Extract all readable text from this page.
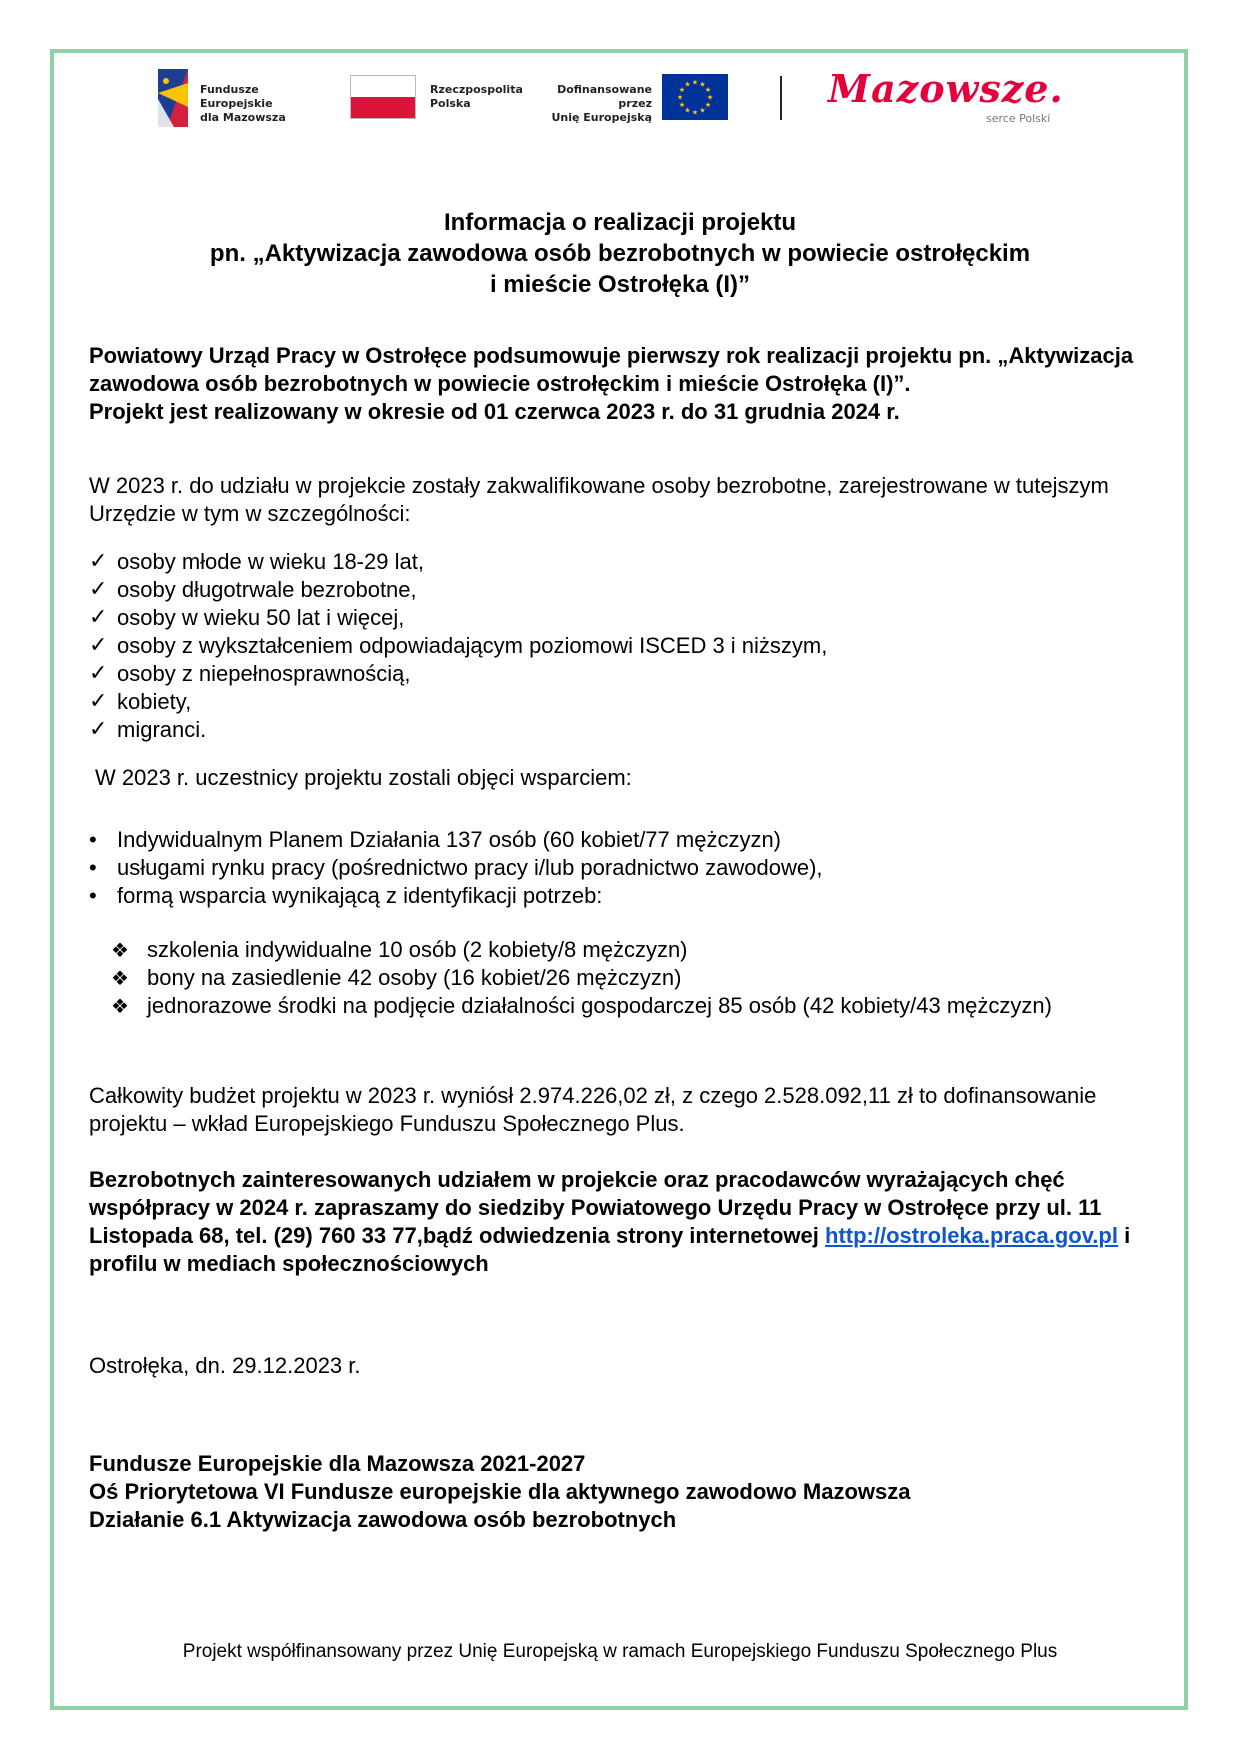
Fundusze Europejskie
dla Mazowsza
Rzeczpospolita
Polska
Dofinansowane przez
Unię Europejską
★
★
★
★
★
★
★
★
★ ★ ★
★	Mazowsze.
serce Polski
Informacja o realizacji projektu
pn. „Aktywizacja zawodowa osób bezrobotnych w powiecie ostrołęckim
i mieście Ostrołęka (I)”

Powiatowy Urząd Pracy w Ostrołęce podsumowuje pierwszy rok realizacji projektu pn. „Aktywizacja zawodowa osób bezrobotnych w powiecie ostrołęckim i mieście Ostrołęka (I)”.

Projekt jest realizowany w okresie od 01 czerwca 2023 r. do 31 grudnia 2024 r.

W 2023 r. do udziału w projekcie zostały zakwalifikowane osoby bezrobotne, zarejestrowane w tutejszym Urzędzie w tym w szczególności:

✓ osoby młode w wieku 18-29 lat,
✓ osoby długotrwale bezrobotne,
✓ osoby w wieku 50 lat i więcej,
✓ osoby z wykształceniem odpowiadającym poziomowi ISCED 3 i niższym,
✓ osoby z niepełnosprawnością,
✓ kobiety,
✓ migranci.

W 2023 r. uczestnicy projektu zostali objęci wsparciem:

• Indywidualnym Planem Działania 137 osób (60 kobiet/77 mężczyzn)
• usługami rynku pracy (pośrednictwo pracy i/lub poradnictwo zawodowe),
• formą wsparcia wynikającą z identyfikacji potrzeb:
❖ szkolenia indywidualne 10 osób (2 kobiety/8 mężczyzn)
❖ bony na zasiedlenie 42 osoby (16 kobiet/26 mężczyzn)
❖ jednorazowe środki na podjęcie działalności gospodarczej 85 osób (42 kobiety/43 mężczyzn)

Całkowity budżet projektu w 2023 r. wyniósł 2.974.226,02 zł, z czego 2.528.092,11 zł to dofinansowanie projektu – wkład Europejskiego Funduszu Społecznego Plus.

Bezrobotnych zainteresowanych udziałem w projekcie oraz pracodawców wyrażających chęć współpracy w 2024 r. zapraszamy do siedziby Powiatowego Urzędu Pracy w Ostrołęce przy ul. 11 Listopada 68, tel. (29) 760 33 77,bądź odwiedzenia strony internetowej http://ostroleka.praca.gov.pl i profilu w mediach społecznościowych

Ostrołęka, dn. 29.12.2023 r.

Fundusze Europejskie dla Mazowsza 2021-2027

Oś Priorytetowa VI Fundusze europejskie dla aktywnego zawodowo Mazowsza

Działanie 6.1 Aktywizacja zawodowa osób bezrobotnych

Projekt współfinansowany przez Unię Europejską w ramach Europejskiego Funduszu Społecznego Plus
